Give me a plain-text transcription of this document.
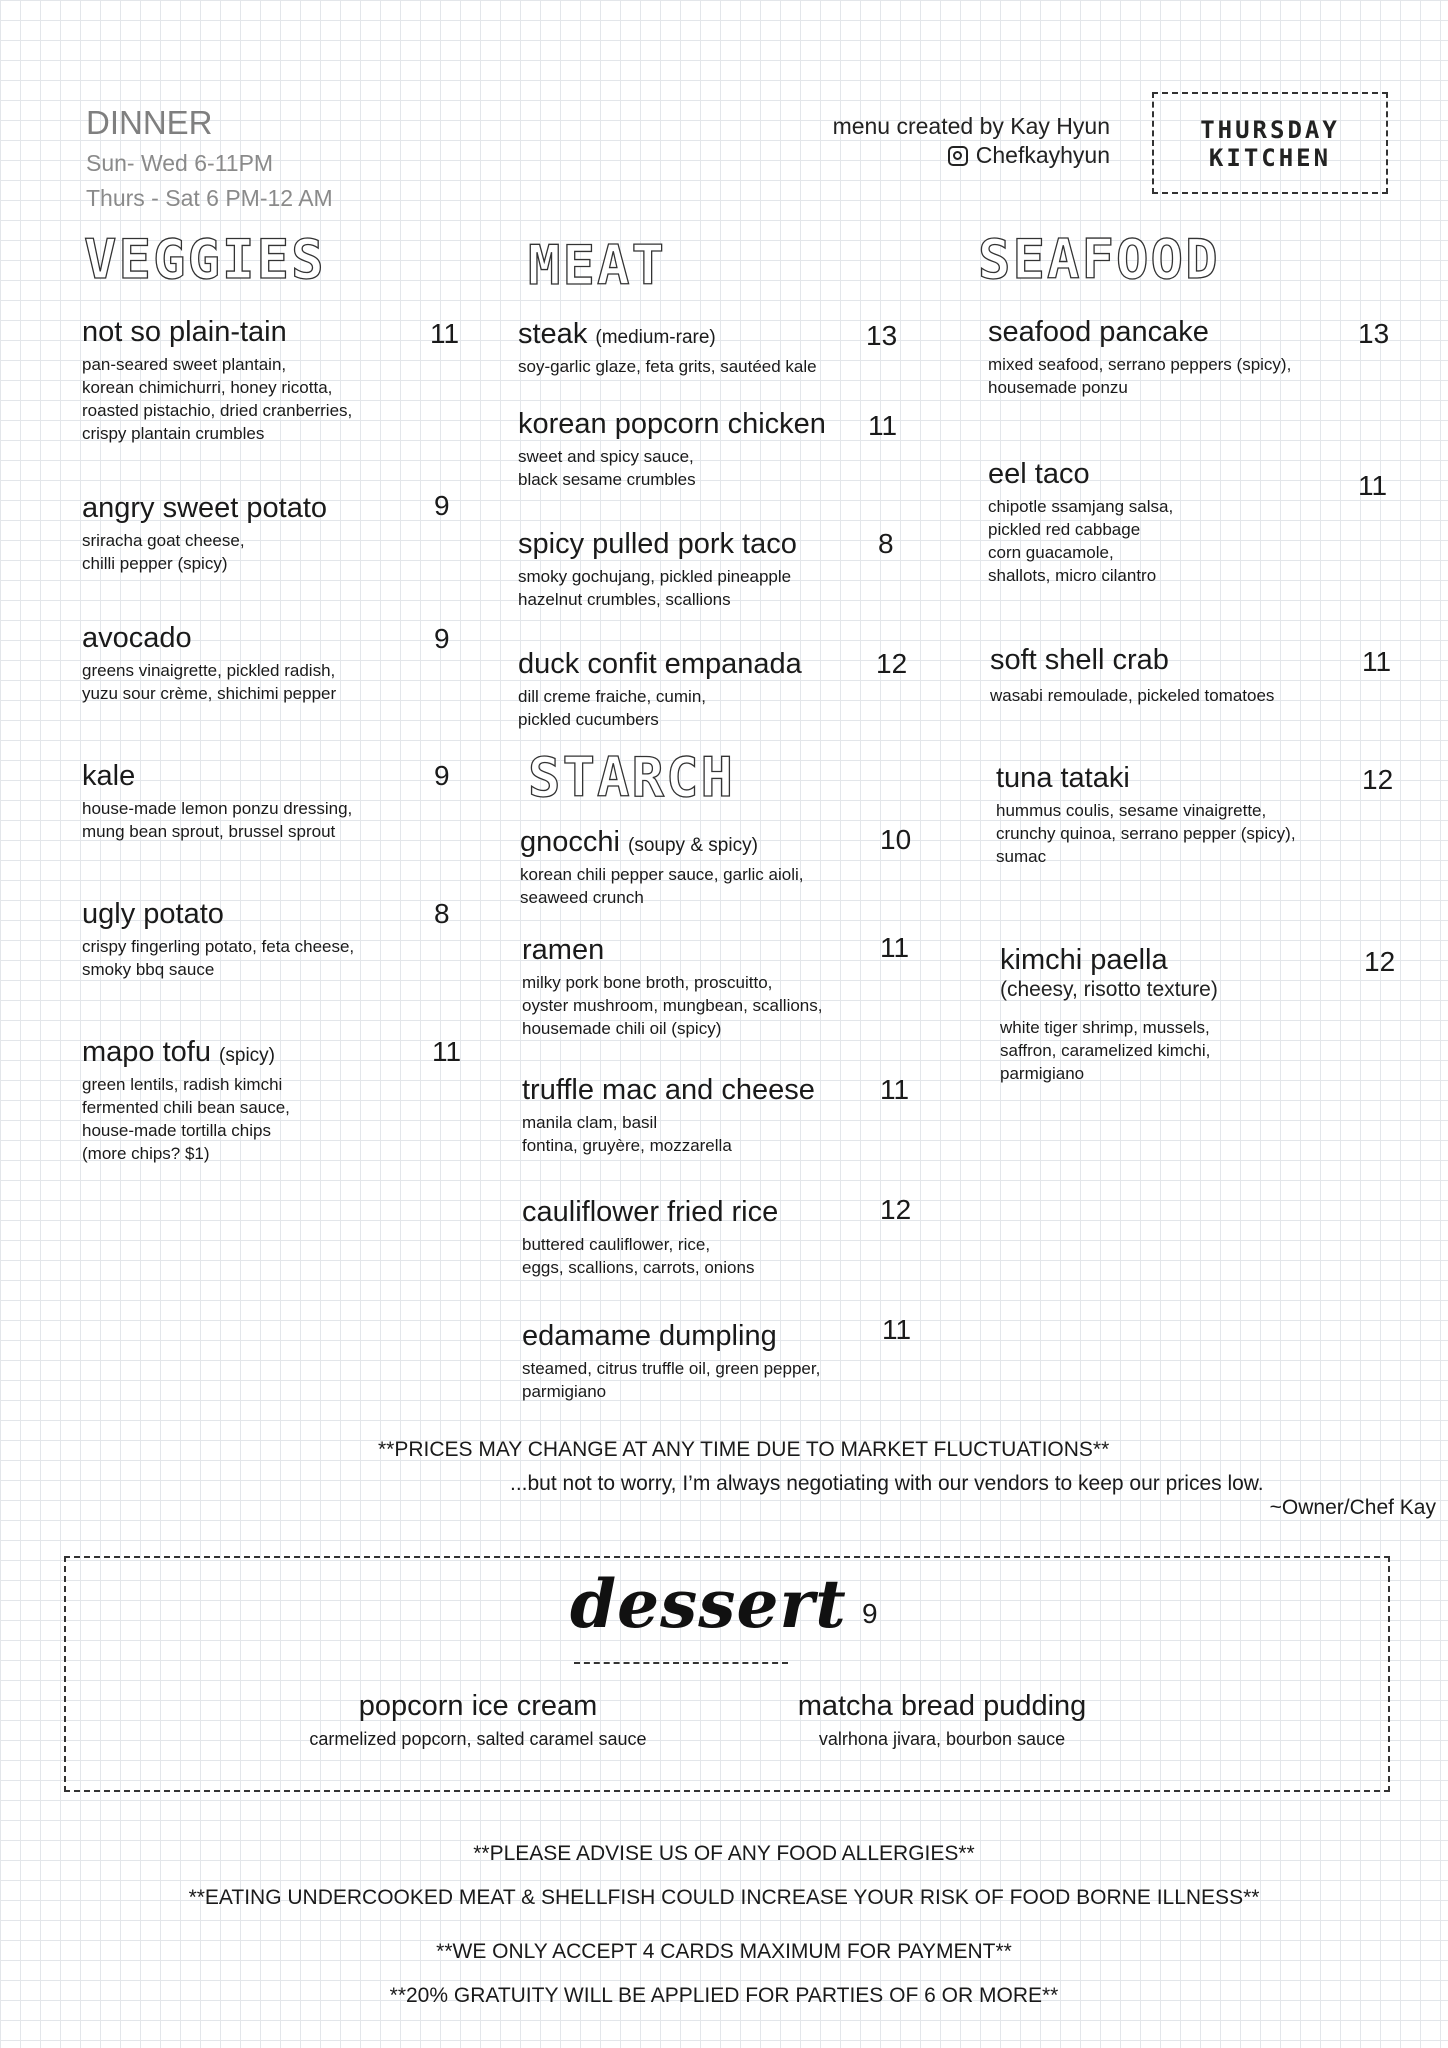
DINNER
Sun- Wed 6-11PM
Thurs - Sat 6 PM-12 AM
menu created by Kay Hyun
Chefkayhyun
THURSDAY
KITCHEN
VEGGIES	MEAT	SEAFOOD
STARCH
not so plain-tain
pan-seared sweet plantain,
korean chimichurri, honey ricotta,
roasted pistachio, dried cranberries,
crispy plantain crumbles
11
angry sweet potato
sriracha goat cheese,
chilli pepper (spicy)
9
avocado
greens vinaigrette, pickled radish,
yuzu sour crème, shichimi pepper
9
kale
house-made lemon ponzu dressing,
mung bean sprout, brussel sprout
9
ugly potato
crispy fingerling potato, feta cheese,
smoky bbq sauce
8
mapo tofu (spicy)
green lentils, radish kimchi
fermented chili bean sauce,
house-made tortilla chips
(more chips? $1)
11
steak (medium-rare)
soy-garlic glaze, feta grits, sautéed kale
13
korean popcorn chicken
sweet and spicy sauce,
black sesame crumbles
11
spicy pulled pork taco
smoky gochujang, pickled pineapple
hazelnut crumbles, scallions
8
duck confit empanada
dill creme fraiche, cumin,
pickled cucumbers
12
gnocchi (soupy & spicy)
korean chili pepper sauce, garlic aioli,
seaweed crunch
10
ramen
milky pork bone broth, proscuitto,
oyster mushroom, mungbean, scallions,
housemade chili oil (spicy)
11
truffle mac and cheese
manila clam, basil
fontina, gruyère, mozzarella
11
cauliflower fried rice
buttered cauliflower, rice,
eggs, scallions, carrots, onions
12
edamame dumpling
steamed, citrus truffle oil, green pepper,
parmigiano
11
seafood pancake
mixed seafood, serrano peppers (spicy),
housemade ponzu
13
eel taco
chipotle ssamjang salsa,
pickled red cabbage
corn guacamole,
shallots, micro cilantro
11
soft shell crab
wasabi remoulade, pickeled tomatoes
11
tuna tataki
hummus coulis, sesame vinaigrette,
crunchy quinoa, serrano pepper (spicy),
sumac
12
kimchi paella
(cheesy, risotto texture)
white tiger shrimp, mussels,
saffron, caramelized kimchi,
parmigiano
12
**PRICES MAY CHANGE AT ANY TIME DUE TO MARKET FLUCTUATIONS**
...but not to worry, I’m always negotiating with our vendors to keep our prices low.
~Owner/Chef Kay
dessert 9
popcorn ice cream
carmelized popcorn, salted caramel sauce
matcha bread pudding
valrhona jivara, bourbon sauce
**PLEASE ADVISE US OF ANY FOOD ALLERGIES**
**EATING UNDERCOOKED MEAT & SHELLFISH COULD INCREASE YOUR RISK OF FOOD BORNE ILLNESS**
**WE ONLY ACCEPT 4 CARDS MAXIMUM FOR PAYMENT**
**20% GRATUITY WILL BE APPLIED FOR PARTIES OF 6 OR MORE**
